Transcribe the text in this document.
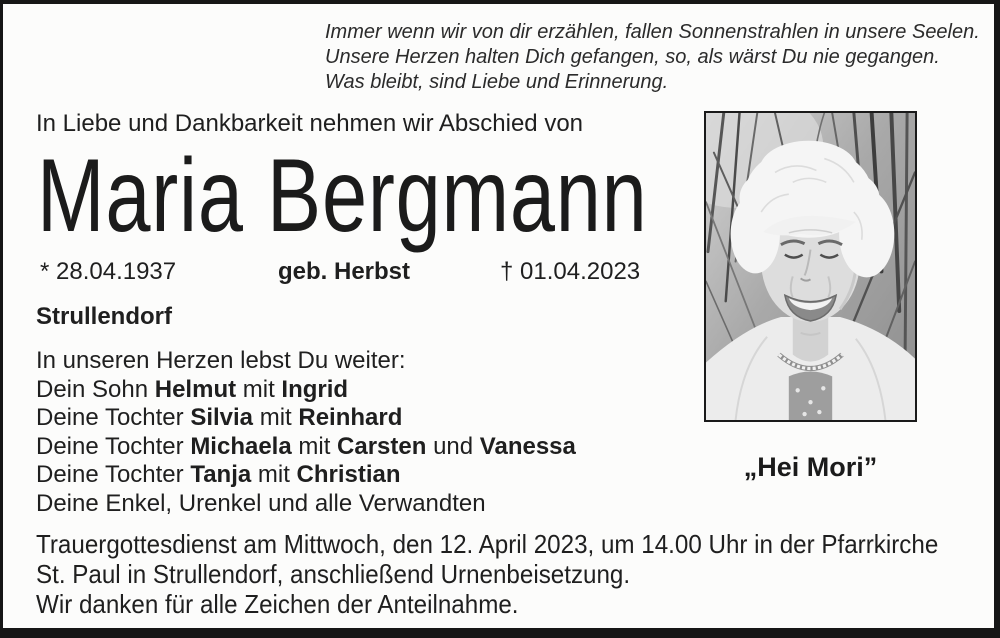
Immer wenn wir von dir erzählen, fallen Sonnenstrahlen in unsere Seelen.
Unsere Herzen halten Dich gefangen, so, als wärst Du nie gegangen.
Was bleibt, sind Liebe und Erinnerung.
In Liebe und Dankbarkeit nehmen wir Abschied von
Maria Bergmann
* 28.04.1937	geb. Herbst	† 01.04.2023
Strullendorf
In unseren Herzen lebst Du weiter:
Dein Sohn Helmut mit Ingrid
Deine Tochter Silvia mit Reinhard
Deine Tochter Michaela mit Carsten und Vanessa
Deine Tochter Tanja mit Christian
Deine Enkel, Urenkel und alle Verwandten
Trauergottesdienst am Mittwoch, den 12. April 2023, um 14.00 Uhr in der Pfarrkirche
St. Paul in Strullendorf, anschließend Urnenbeisetzung.
Wir danken für alle Zeichen der Anteilnahme.
„Hei Mori”
